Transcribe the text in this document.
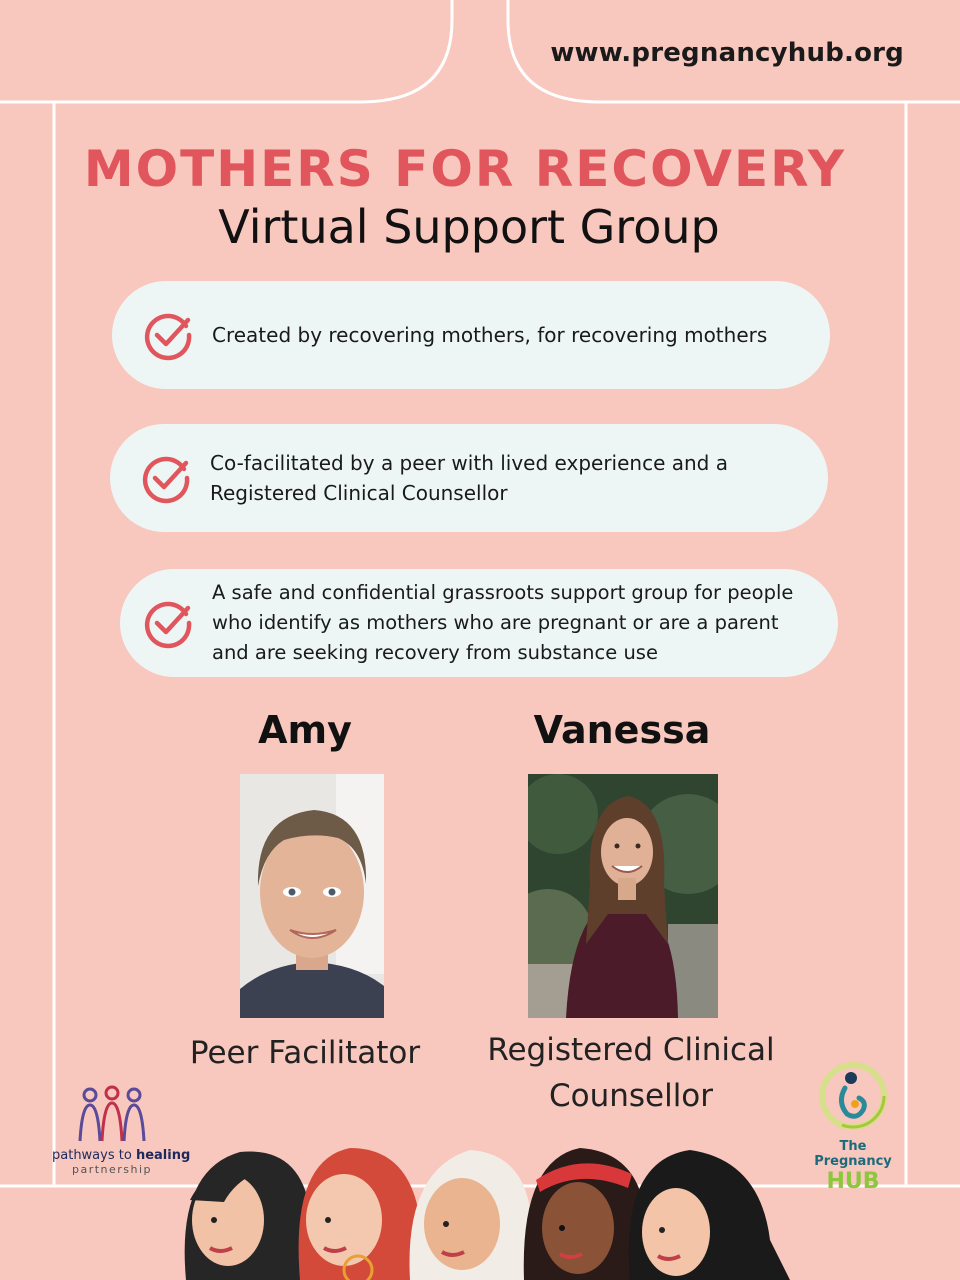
www.pregnancyhub.org
MOTHERS FOR RECOVERY
Virtual Support Group
Created by recovering mothers, for recovering mothers
Co-facilitated by a peer with lived experience and a
Registered Clinical Counsellor
A safe and confidential grassroots support group for people
who identify as mothers who are pregnant or are a parent
and are seeking recovery from substance use
Amy	Vanessa
Peer Facilitator	Registered Clinical
Counsellor
pathways to healing
partnership
The Pregnancy
HUB
